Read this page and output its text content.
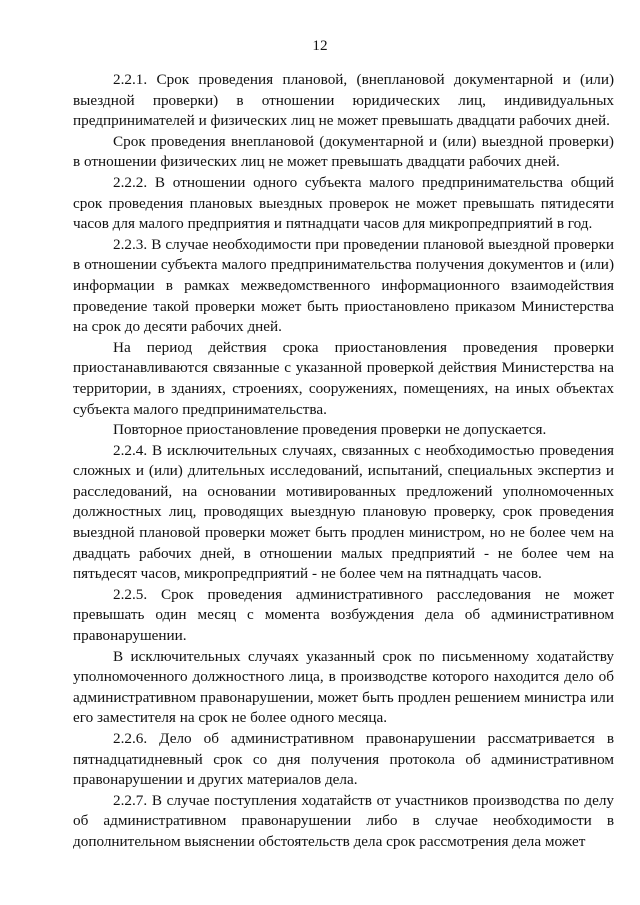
12

2.2.1. Срок проведения плановой, (внеплановой документарной и (или) выездной проверки) в отношении юридических лиц, индивидуальных предпринимателей и физических лиц не может превышать двадцати рабочих дней.

Срок проведения внеплановой (документарной и (или) выездной проверки) в отношении физических лиц не может превышать двадцати рабочих дней.

2.2.2. В отношении одного субъекта малого предпринимательства общий срок проведения плановых выездных проверок не может превышать пятидесяти часов для малого предприятия и пятнадцати часов для микропредприятий в год.

2.2.3. В случае необходимости при проведении плановой выездной проверки в отношении субъекта малого предпринимательства получения документов и (или) информации в рамках межведомственного информационного взаимодействия проведение такой проверки может быть приостановлено приказом Министерства на срок до десяти рабочих дней.

На период действия срока приостановления проведения проверки приостанавливаются связанные с указанной проверкой действия Министерства на территории, в зданиях, строениях, сооружениях, помещениях, на иных объектах субъекта малого предпринимательства.

Повторное приостановление проведения проверки не допускается.

2.2.4. В исключительных случаях, связанных с необходимостью проведения сложных и (или) длительных исследований, испытаний, специальных экспертиз и расследований, на основании мотивированных предложений уполномоченных должностных лиц, проводящих выездную плановую проверку, срок проведения выездной плановой проверки может быть продлен министром, но не более чем на двадцать рабочих дней, в отношении малых предприятий - не более чем на пятьдесят часов, микропредприятий - не более чем на пятнадцать часов.

2.2.5. Срок проведения административного расследования не может превышать один месяц с момента возбуждения дела об административном правонарушении.

В исключительных случаях указанный срок по письменному ходатайству уполномоченного должностного лица, в производстве которого находится дело об административном правонарушении, может быть продлен решением министра или его заместителя на срок не более одного месяца.

2.2.6. Дело об административном правонарушении рассматривается в пятнадцатидневный срок со дня получения протокола об административном правонарушении и других материалов дела.

2.2.7. В случае поступления ходатайств от участников производства по делу об административном правонарушении либо в случае необходимости в дополнительном выяснении обстоятельств дела срок рассмотрения дела может
